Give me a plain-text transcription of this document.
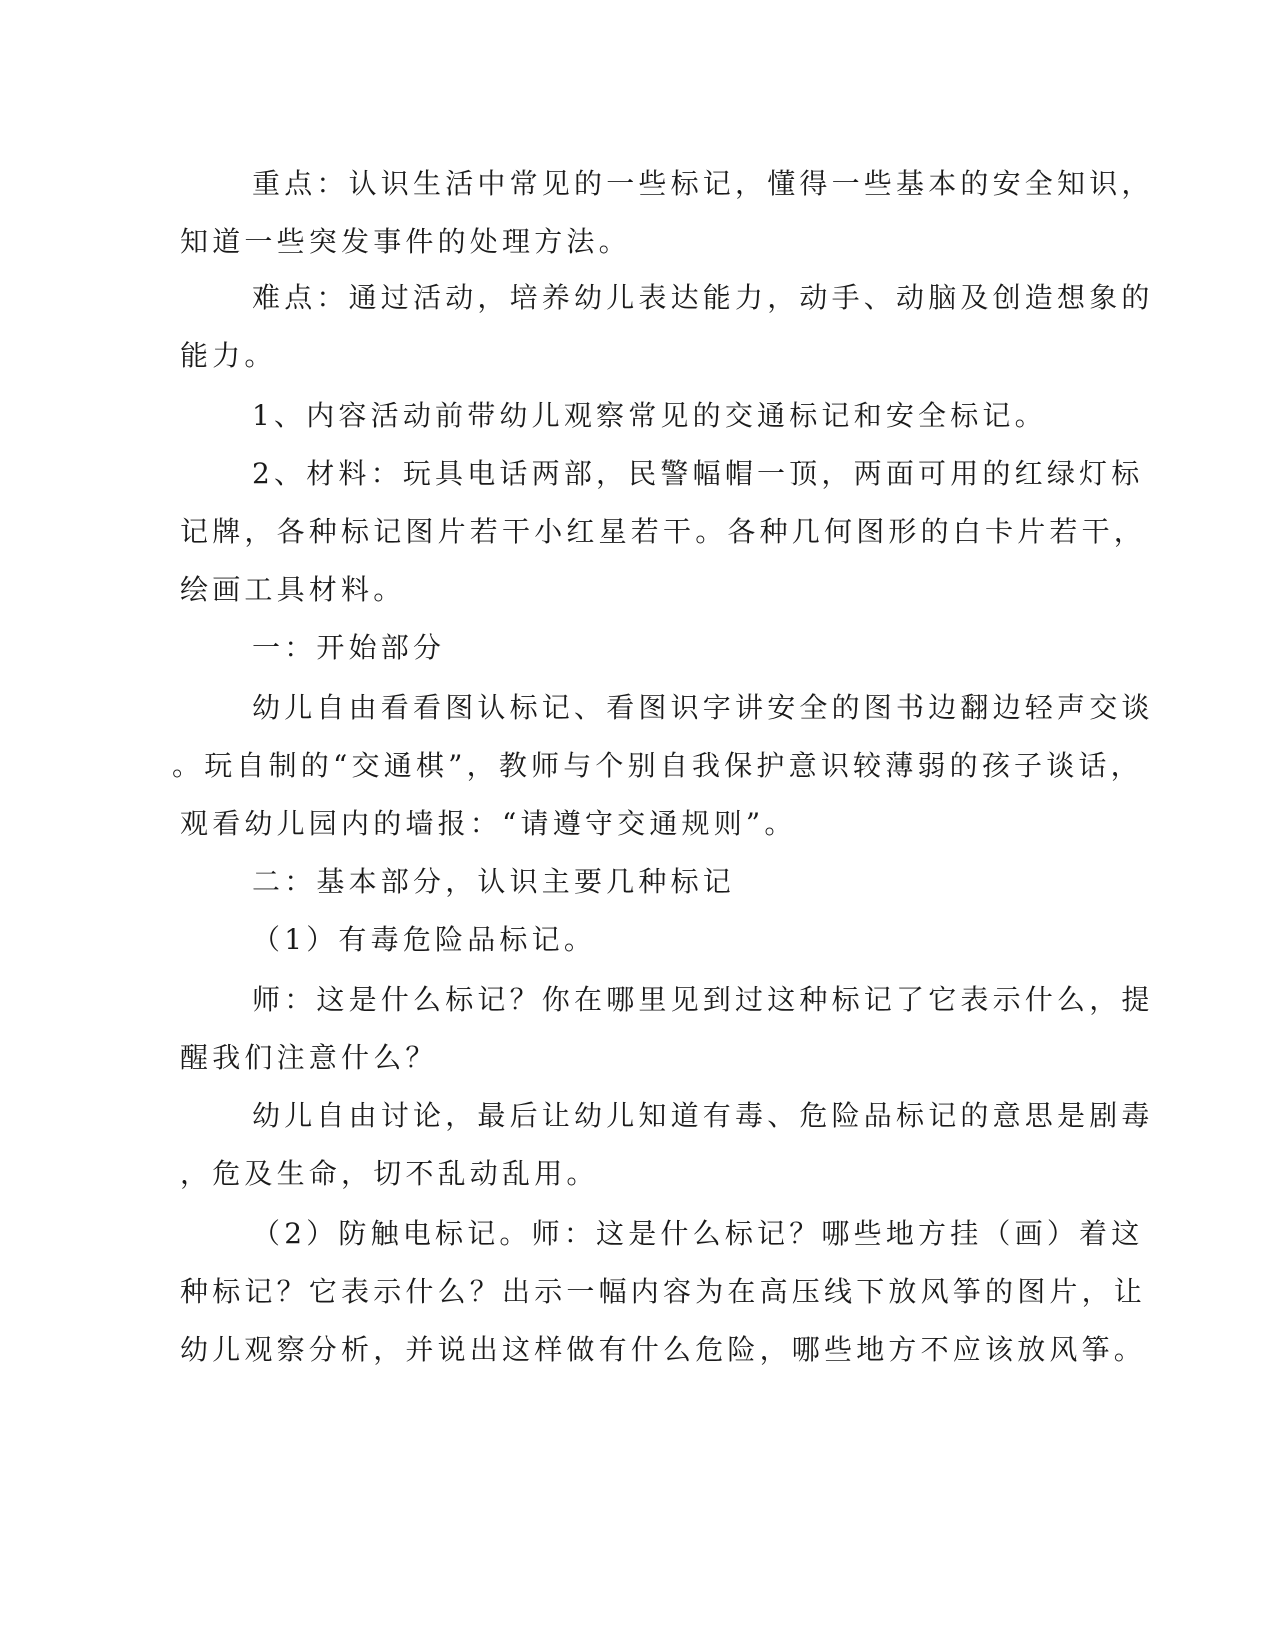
重点：认识生活中常见的一些标记，懂得一些基本的安全知识，
知道一些突发事件的处理方法。
难点：通过活动，培养幼儿表达能力，动手、动脑及创造想象的
能力。
1、内容活动前带幼儿观察常见的交通标记和安全标记。
2、材料：玩具电话两部，民警幅帽一顶，两面可用的红绿灯标
记牌，各种标记图片若干小红星若干。各种几何图形的白卡片若干，
绘画工具材料。
一：开始部分
幼儿自由看看图认标记、看图识字讲安全的图书边翻边轻声交谈
。玩自制的“交通棋”，教师与个别自我保护意识较薄弱的孩子谈话，
观看幼儿园内的墙报：“请遵守交通规则”。
二：基本部分，认识主要几种标记
（1）有毒危险品标记。
师：这是什么标记？你在哪里见到过这种标记了它表示什么，提
醒我们注意什么？
幼儿自由讨论，最后让幼儿知道有毒、危险品标记的意思是剧毒
，危及生命，切不乱动乱用。
（2）防触电标记。师：这是什么标记？哪些地方挂（画）着这
种标记？它表示什么？出示一幅内容为在高压线下放风筝的图片，让
幼儿观察分析，并说出这样做有什么危险，哪些地方不应该放风筝。
